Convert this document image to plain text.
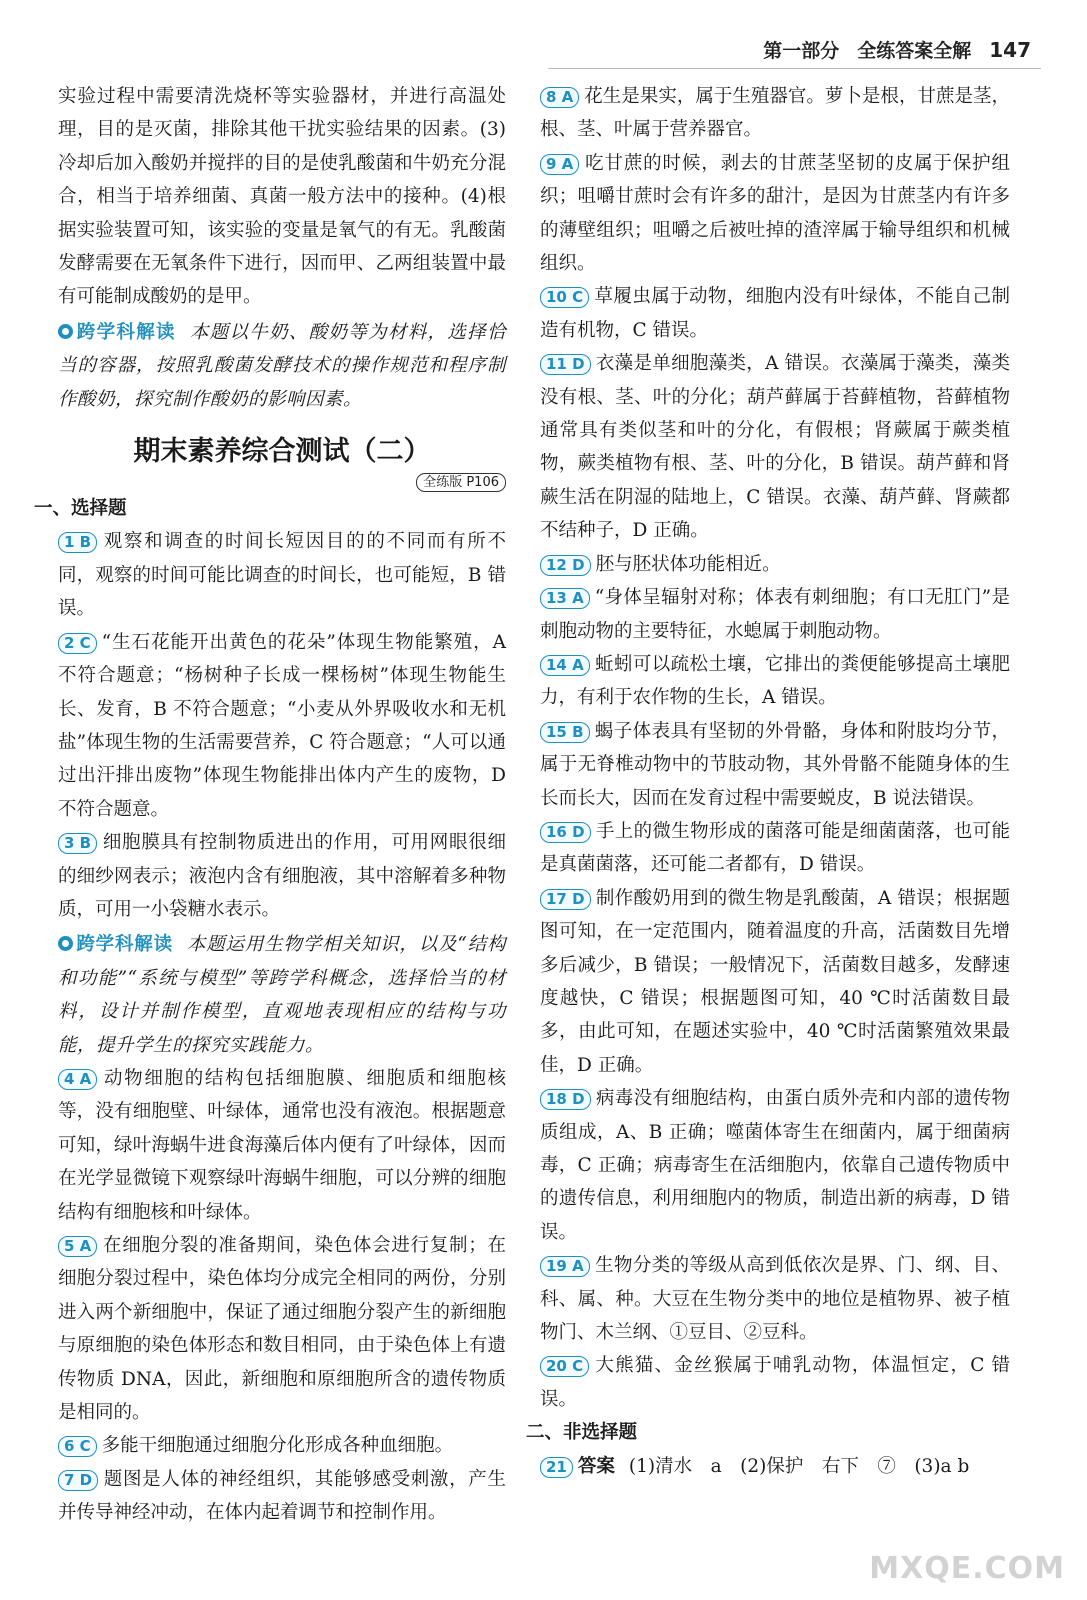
第一部分 全练答案全解 147

实验过程中需要清洗烧杯等实验器材，并进行高温处理，目的是灭菌，排除其他干扰实验结果的因素。(3)冷却后加入酸奶并搅拌的目的是使乳酸菌和牛奶充分混合，相当于培养细菌、真菌一般方法中的接种。(4)根据实验装置可知，该实验的变量是氧气的有无。乳酸菌发酵需要在无氧条件下进行，因而甲、乙两组装置中最有可能制成酸奶的是甲。

跨学科解读 本题以牛奶、酸奶等为材料，选择恰当的容器，按照乳酸菌发酵技术的操作规范和程序制作酸奶，探究制作酸奶的影响因素。

期末素养综合测试（二）
全练版 P106

一、选择题

1 B 观察和调查的时间长短因目的的不同而有所不同，观察的时间可能比调查的时间长，也可能短，B 错误。

2 C “生石花能开出黄色的花朵”体现生物能繁殖，A 不符合题意；“杨树种子长成一棵杨树”体现生物能生长、发育，B 不符合题意；“小麦从外界吸收水和无机盐”体现生物的生活需要营养，C 符合题意；“人可以通过出汗排出废物”体现生物能排出体内产生的废物，D 不符合题意。

3 B 细胞膜具有控制物质进出的作用，可用网眼很细的细纱网表示；液泡内含有细胞液，其中溶解着多种物质，可用一小袋糖水表示。

跨学科解读 本题运用生物学相关知识，以及“结构和功能”“系统与模型”等跨学科概念，选择恰当的材料，设计并制作模型，直观地表现相应的结构与功能，提升学生的探究实践能力。

4 A 动物细胞的结构包括细胞膜、细胞质和细胞核等，没有细胞壁、叶绿体，通常也没有液泡。根据题意可知，绿叶海蜗牛进食海藻后体内便有了叶绿体，因而在光学显微镜下观察绿叶海蜗牛细胞，可以分辨的细胞结构有细胞核和叶绿体。

5 A 在细胞分裂的准备期间，染色体会进行复制；在细胞分裂过程中，染色体均分成完全相同的两份，分别进入两个新细胞中，保证了通过细胞分裂产生的新细胞与原细胞的染色体形态和数目相同，由于染色体上有遗传物质 DNA，因此，新细胞和原细胞所含的遗传物质是相同的。

6 C 多能干细胞通过细胞分化形成各种血细胞。

7 D 题图是人体的神经组织，其能够感受刺激，产生并传导神经冲动，在体内起着调节和控制作用。

8 A 花生是果实，属于生殖器官。萝卜是根，甘蔗是茎，根、茎、叶属于营养器官。

9 A 吃甘蔗的时候，剥去的甘蔗茎坚韧的皮属于保护组织；咀嚼甘蔗时会有许多的甜汁，是因为甘蔗茎内有许多的薄壁组织；咀嚼之后被吐掉的渣滓属于输导组织和机械组织。

10 C 草履虫属于动物，细胞内没有叶绿体，不能自己制造有机物，C 错误。

11 D 衣藻是单细胞藻类，A 错误。衣藻属于藻类，藻类没有根、茎、叶的分化；葫芦藓属于苔藓植物，苔藓植物通常具有类似茎和叶的分化，有假根；肾蕨属于蕨类植物，蕨类植物有根、茎、叶的分化，B 错误。葫芦藓和肾蕨生活在阴湿的陆地上，C 错误。衣藻、葫芦藓、肾蕨都不结种子，D 正确。

12 D 胚与胚状体功能相近。

13 A “身体呈辐射对称；体表有刺细胞；有口无肛门”是刺胞动物的主要特征，水螅属于刺胞动物。

14 A 蚯蚓可以疏松土壤，它排出的粪便能够提高土壤肥力，有利于农作物的生长，A 错误。

15 B 蝎子体表具有坚韧的外骨骼，身体和附肢均分节，属于无脊椎动物中的节肢动物，其外骨骼不能随身体的生长而长大，因而在发育过程中需要蜕皮，B 说法错误。

16 D 手上的微生物形成的菌落可能是细菌菌落，也可能是真菌菌落，还可能二者都有，D 错误。

17 D 制作酸奶用到的微生物是乳酸菌，A 错误；根据题图可知，在一定范围内，随着温度的升高，活菌数目先增多后减少，B 错误；一般情况下，活菌数目越多，发酵速度越快，C 错误；根据题图可知，40 ℃时活菌数目最多，由此可知，在题述实验中，40 ℃时活菌繁殖效果最佳，D 正确。

18 D 病毒没有细胞结构，由蛋白质外壳和内部的遗传物质组成，A、B 正确；噬菌体寄生在细菌内，属于细菌病毒，C 正确；病毒寄生在活细胞内，依靠自己遗传物质中的遗传信息，利用细胞内的物质，制造出新的病毒，D 错误。

19 A 生物分类的等级从高到低依次是界、门、纲、目、科、属、种。大豆在生物分类中的地位是植物界、被子植物门、木兰纲、①豆目、②豆科。

20 C 大熊猫、金丝猴属于哺乳动物，体温恒定，C 错误。

二、非选择题

21 答案 (1)清水　a　(2)保护　右下　⑦　(3)a b

MXQE.COM
